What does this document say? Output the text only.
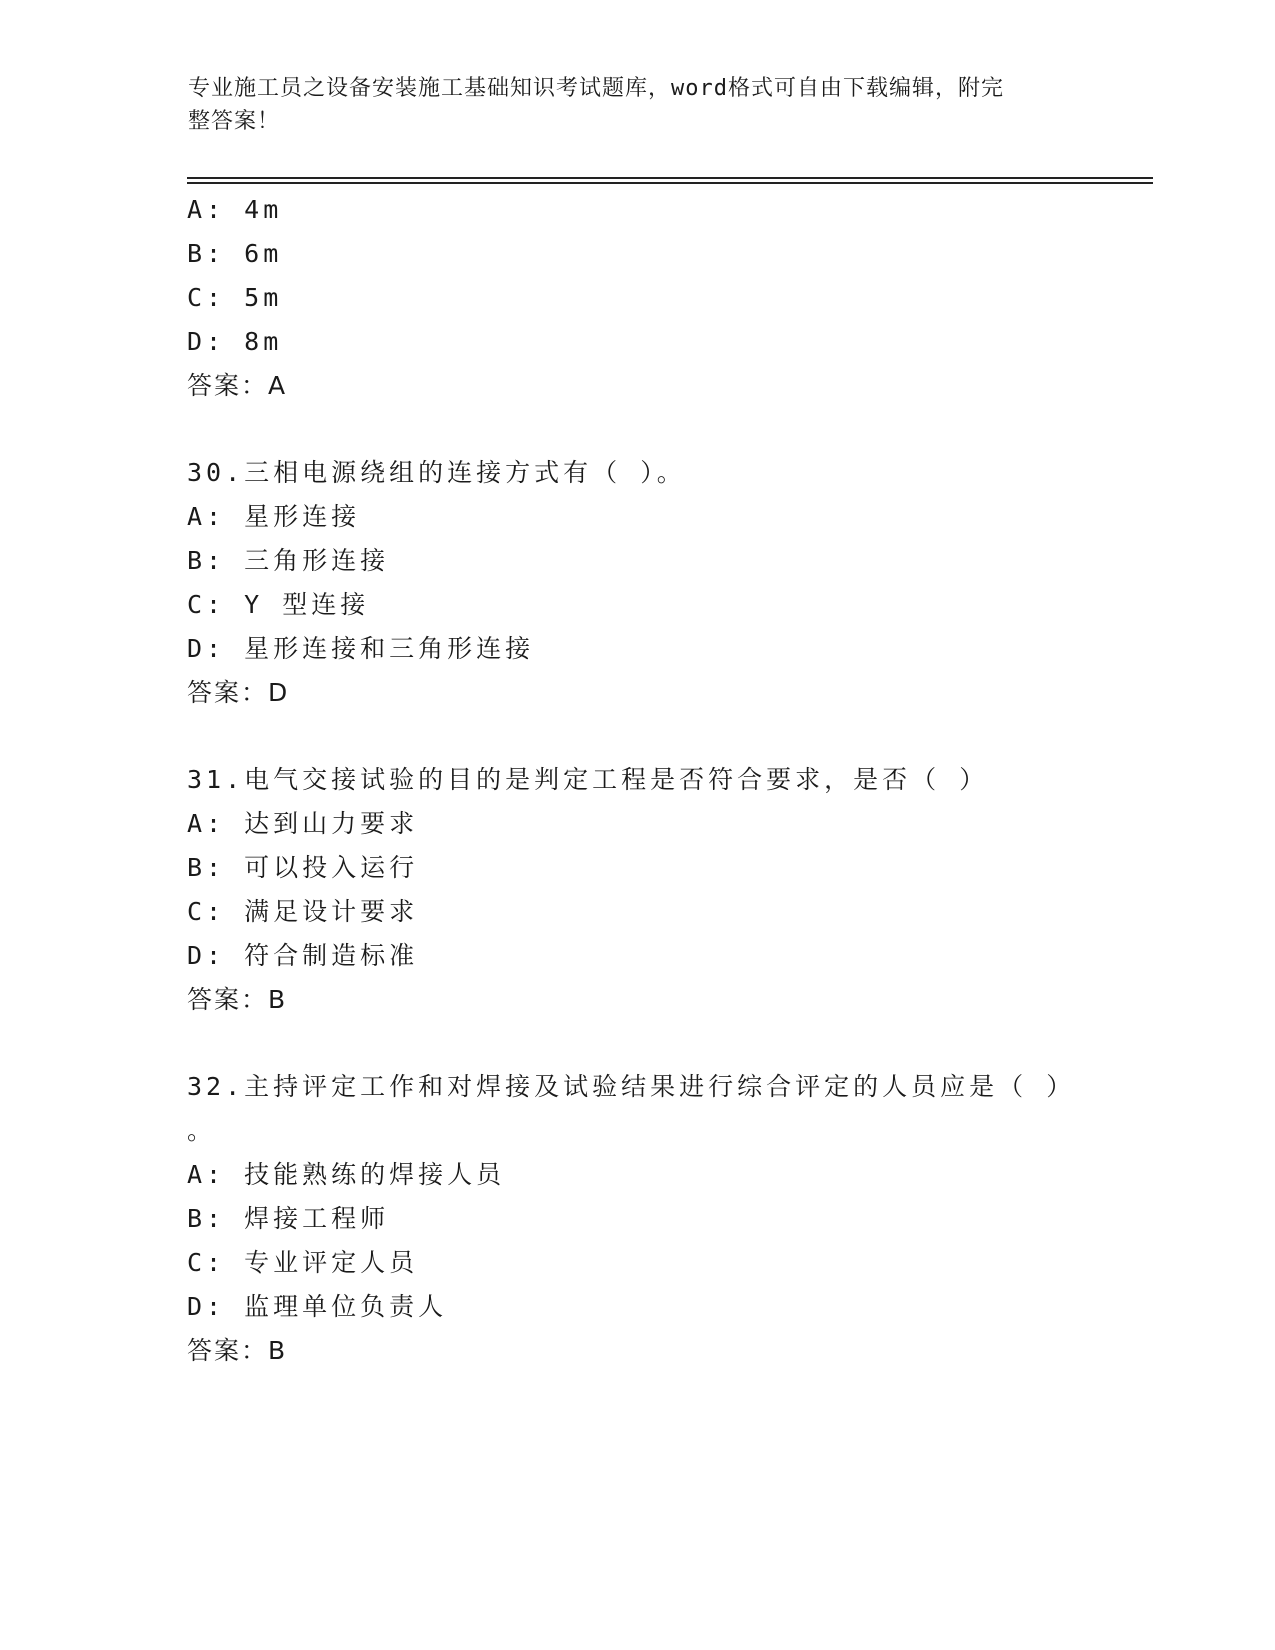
专业施工员之设备安装施工基础知识考试题库，word格式可自由下载编辑，附完
整答案！
A: 4m
B: 6m
C: 5m
D: 8m
答案：A
30.三相电源绕组的连接方式有（ ）。
A: 星形连接
B: 三角形连接
C: Y 型连接
D: 星形连接和三角形连接
答案：D
31.电气交接试验的目的是判定工程是否符合要求，是否（ ）
A: 达到山力要求
B: 可以投入运行
C: 满足设计要求
D: 符合制造标准
答案：B
32.主持评定工作和对焊接及试验结果进行综合评定的人员应是（ ）
。
A: 技能熟练的焊接人员
B: 焊接工程师
C: 专业评定人员
D: 监理单位负责人
答案：B
